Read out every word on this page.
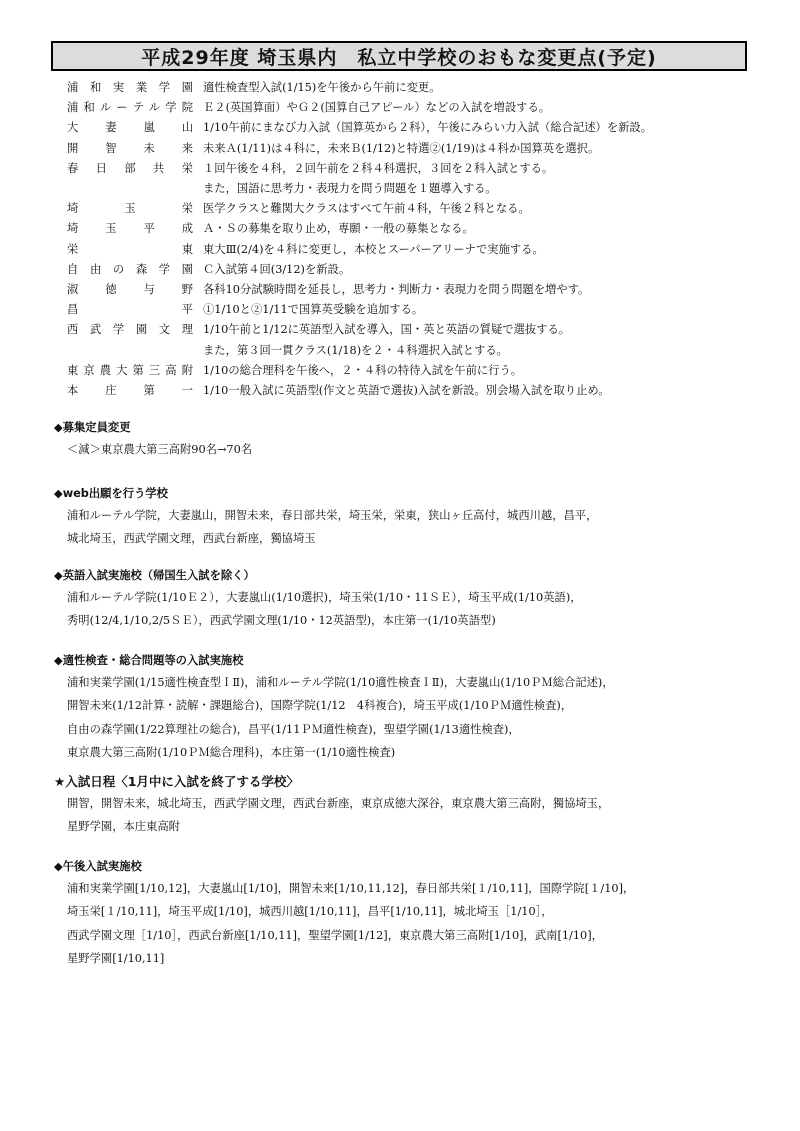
平成29年度 埼玉県内　私立中学校のおもな変更点(予定)
浦和実業学園 適性検査型入試(1/15)を午後から午前に変更。
浦和ルーテル学院 Ｅ２(英国算面）やＧ２(国算自己アピール）などの入試を増設する。
大妻嵐山 1/10午前にまなび力入試（国算英から２科），午後にみらい力入試（総合記述）を新設。
開智未来 未来Ａ(1/11)は４科に，未来Ｂ(1/12)と特選②(1/19)は４科か国算英を選択。
春日部共栄 １回午後を４科，２回午前を２科４科選択，３回を２科入試とする。
また，国語に思考力・表現力を問う問題を１題導入する。
埼玉栄 医学クラスと難関大クラスはすべて午前４科，午後２科となる。
埼玉平成 Ａ・Ｓの募集を取り止め，専願・一般の募集となる。
栄東 東大Ⅲ(2/4)を４科に変更し，本校とスーパーアリーナで実施する。
自由の森学園 Ｃ入試第４回(3/12)を新設。
淑徳与野 各科10分試験時間を延長し，思考力・判断力・表現力を問う問題を増やす。
昌平 ①1/10と②1/11で国算英受験を追加する。
西武学園文理 1/10午前と1/12に英語型入試を導入，国・英と英語の質疑で選抜する。
また，第３回一貫クラス(1/18)を２・４科選択入試とする。
東京農大第三高附 1/10の総合理科を午後へ，２・４科の特待入試を午前に行う。
本庄第一 1/10一般入試に英語型(作文と英語で選抜)入試を新設。別会場入試を取り止め。
◆募集定員変更
＜減＞東京農大第三高附90名→70名
◆web出願を行う学校
浦和ルーテル学院，大妻嵐山，開智未来，春日部共栄，埼玉栄，栄東，狭山ヶ丘高付，城西川越，昌平，
城北埼玉，西武学園文理，西武台新座，獨協埼玉
◆英語入試実施校（帰国生入試を除く）
浦和ルーテル学院(1/10Ｅ２），大妻嵐山(1/10選択)，埼玉栄(1/10・11ＳＥ），埼玉平成(1/10英語)，
秀明(12/4,1/10,2/5ＳＥ），西武学園文理(1/10・12英語型)，本庄第一(1/10英語型)
◆適性検査・総合問題等の入試実施校
浦和実業学園(1/15適性検査型ＩⅡ)，浦和ルーテル学院(1/10適性検査ＩⅡ)，大妻嵐山(1/10ＰＭ総合記述)，
開智未来(1/12計算・読解・課題総合)，国際学院(1/12　4科複合)，埼玉平成(1/10ＰＭ適性検査)，
自由の森学園(1/22算理社の総合)，昌平(1/11ＰＭ適性検査)，聖望学園(1/13適性検査)，
東京農大第三高附(1/10ＰＭ総合理科)，本庄第一(1/10適性検査)
★入試日程〈1月中に入試を終了する学校〉
開智，開智未来，城北埼玉，西武学園文理，西武台新座，東京成徳大深谷，東京農大第三高附，獨協埼玉，
星野学園，本庄東高附
◆午後入試実施校
浦和実業学園[1/10,12]，大妻嵐山[1/10]，開智未来[1/10,11,12]，春日部共栄[１/10,11]，国際学院[１/10]，
埼玉栄[１/10,11]，埼玉平成[1/10]，城西川越[1/10,11]，昌平[1/10,11]，城北埼玉［1/10］，
西武学園文理［1/10］，西武台新座[1/10,11]，聖望学園[1/12]，東京農大第三高附[1/10]，武南[1/10]，
星野学園[1/10,11]
